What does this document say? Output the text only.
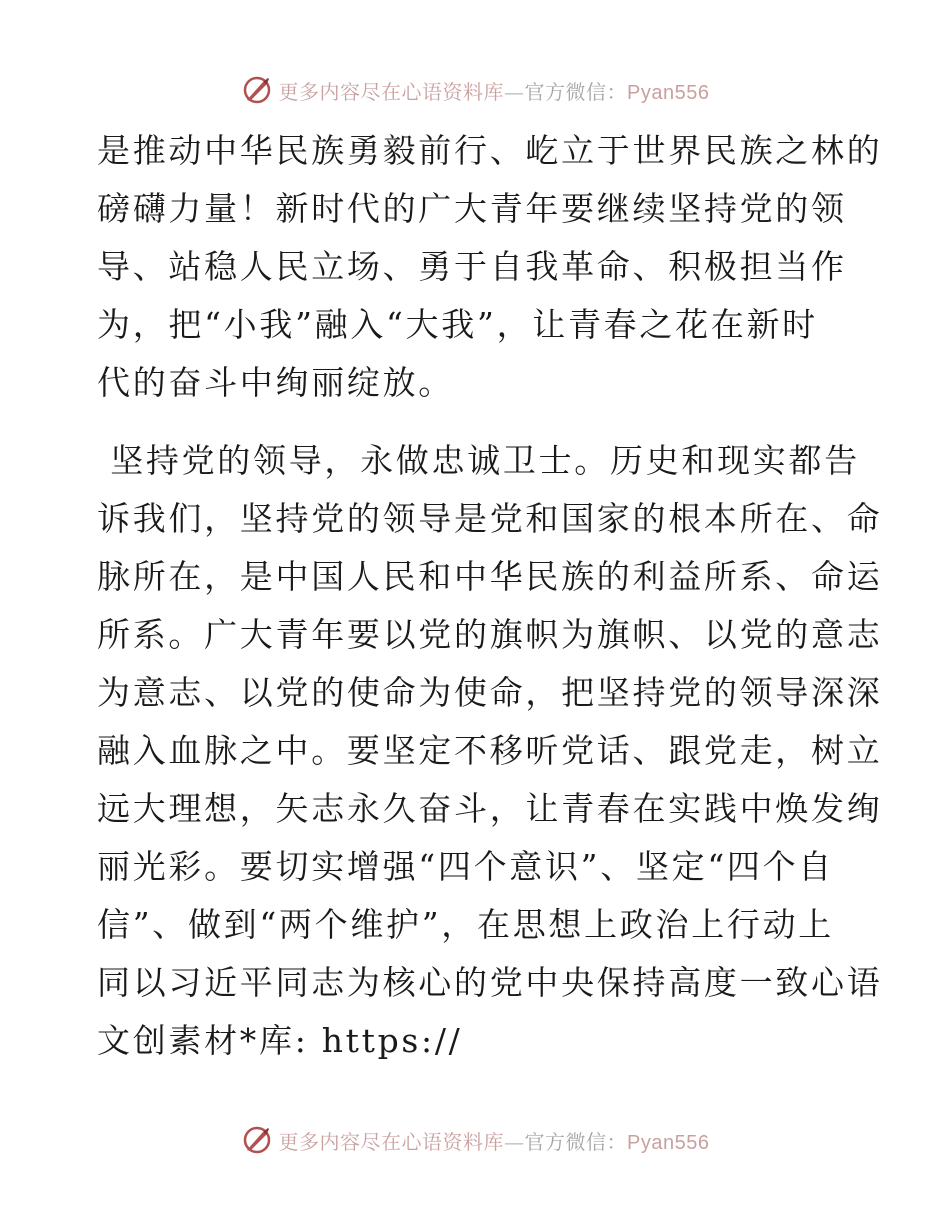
更多内容尽在心语资料库—官方微信：Pyan556
是推动中华民族勇毅前行、屹立于世界民族之林的
磅礴力量！新时代的广大青年要继续坚持党的领
导、站稳人民立场、勇于自我革命、积极担当作
为，把“小我”融入“大我”，让青春之花在新时
代的奋斗中绚丽绽放。
坚持党的领导，永做忠诚卫士。历史和现实都告
诉我们，坚持党的领导是党和国家的根本所在、命
脉所在，是中国人民和中华民族的利益所系、命运
所系。广大青年要以党的旗帜为旗帜、以党的意志
为意志、以党的使命为使命，把坚持党的领导深深
融入血脉之中。要坚定不移听党话、跟党走，树立
远大理想，矢志永久奋斗，让青春在实践中焕发绚
丽光彩。要切实增强“四个意识”、坚定“四个自
信”、做到“两个维护”，在思想上政治上行动上
同以习近平同志为核心的党中央保持高度一致心语
文创素材*库: https://
更多内容尽在心语资料库—官方微信：Pyan556
